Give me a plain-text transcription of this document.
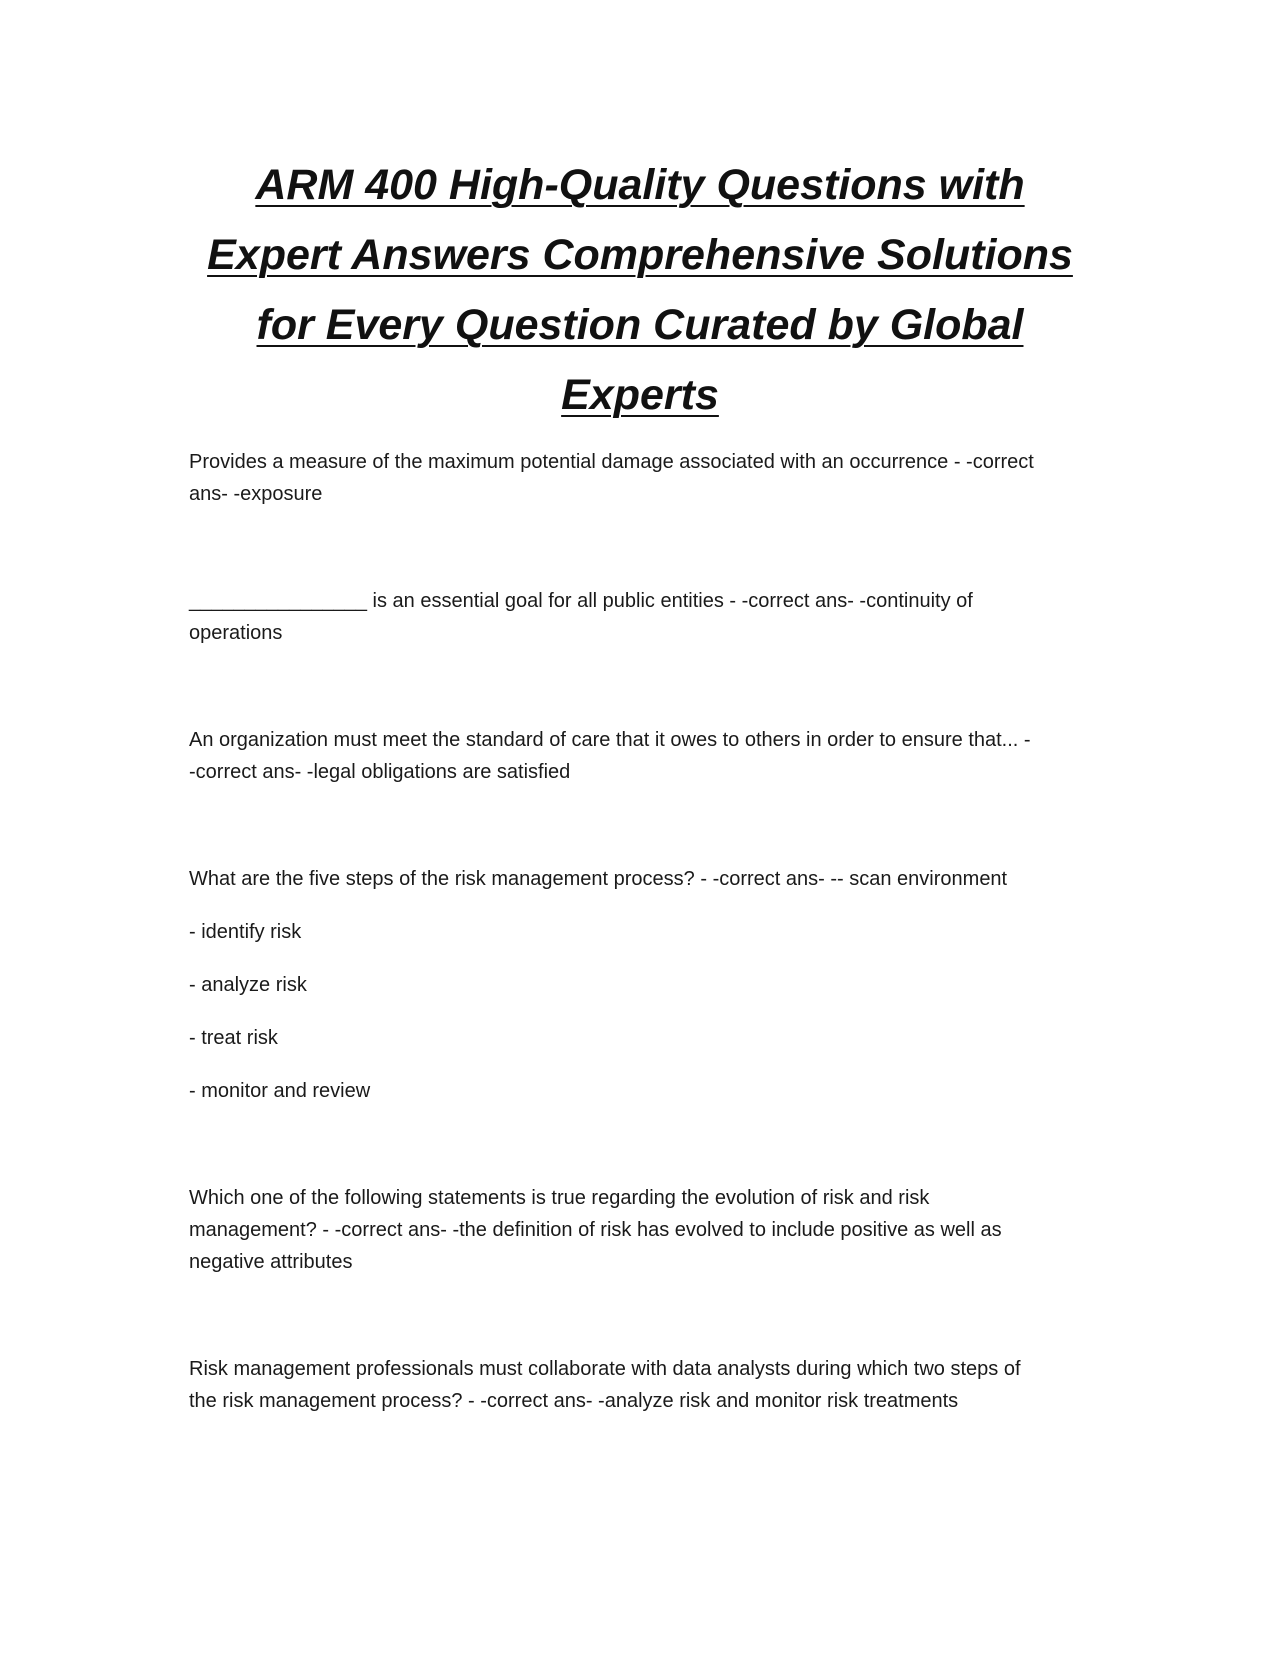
ARM 400 High-Quality Questions with
Expert Answers Comprehensive Solutions
for Every Question Curated by Global
Experts
Provides a measure of the maximum potential damage associated with an occurrence - -correct
ans- -exposure
________________ is an essential goal for all public entities - -correct ans- -continuity of
operations
An organization must meet the standard of care that it owes to others in order to ensure that... -
-correct ans- -legal obligations are satisfied
What are the five steps of the risk management process? - -correct ans- -- scan environment
- identify risk
- analyze risk
- treat risk
- monitor and review
Which one of the following statements is true regarding the evolution of risk and risk
management? - -correct ans- -the definition of risk has evolved to include positive as well as
negative attributes
Risk management professionals must collaborate with data analysts during which two steps of
the risk management process? - -correct ans- -analyze risk and monitor risk treatments
